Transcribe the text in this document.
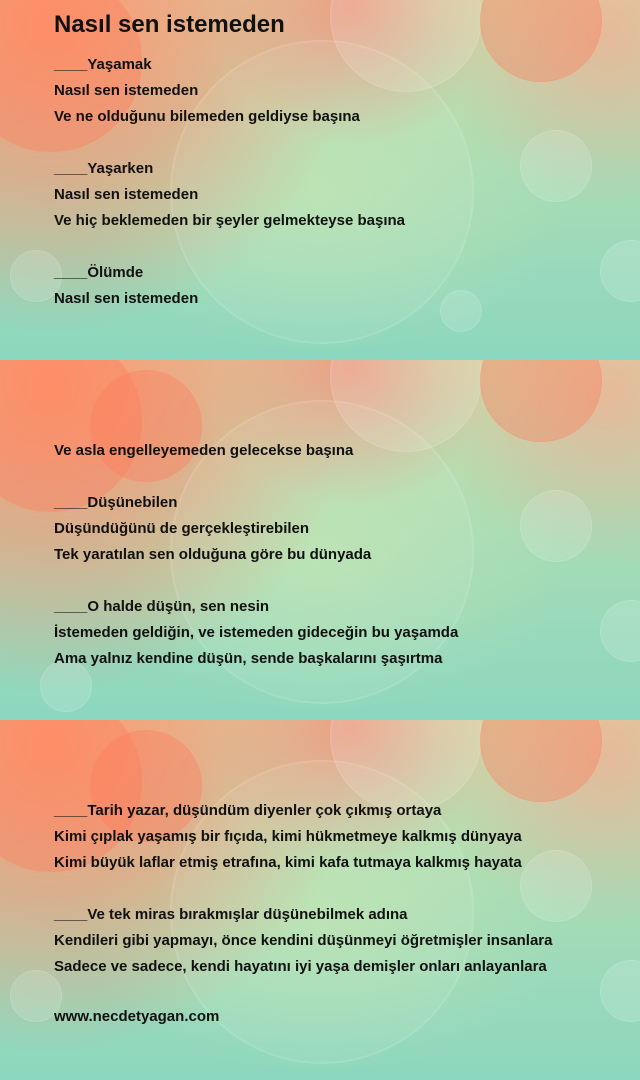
Nasıl sen istemeden
____Yaşamak
Nasıl sen istemeden
Ve ne olduğunu bilemeden geldiyse başına
____Yaşarken
Nasıl sen istemeden
Ve hiç beklemeden bir şeyler gelmekteyse başına
____Ölümde
Nasıl sen istemeden
Ve asla engelleyemeden gelecekse başına
____Düşünebilen
Düşündüğünü de gerçekleştirebilen
Tek yaratılan sen olduğuna göre bu dünyada
____O halde düşün, sen nesin
İstemeden geldiğin, ve istemeden gideceğin bu yaşamda
Ama yalnız kendine düşün, sende başkalarını şaşırtma
____Tarih yazar, düşündüm diyenler çok çıkmış ortaya
Kimi çıplak yaşamış bir fıçıda, kimi hükmetmeye kalkmış dünyaya
Kimi büyük laflar etmiş etrafına, kimi kafa tutmaya kalkmış hayata
____Ve tek miras bırakmışlar düşünebilmek adına
Kendileri gibi yapmayı, önce kendini düşünmeyi öğretmişler insanlara
Sadece ve sadece, kendi hayatını iyi yaşa demişler onları anlayanlara
www.necdetyagan.com
